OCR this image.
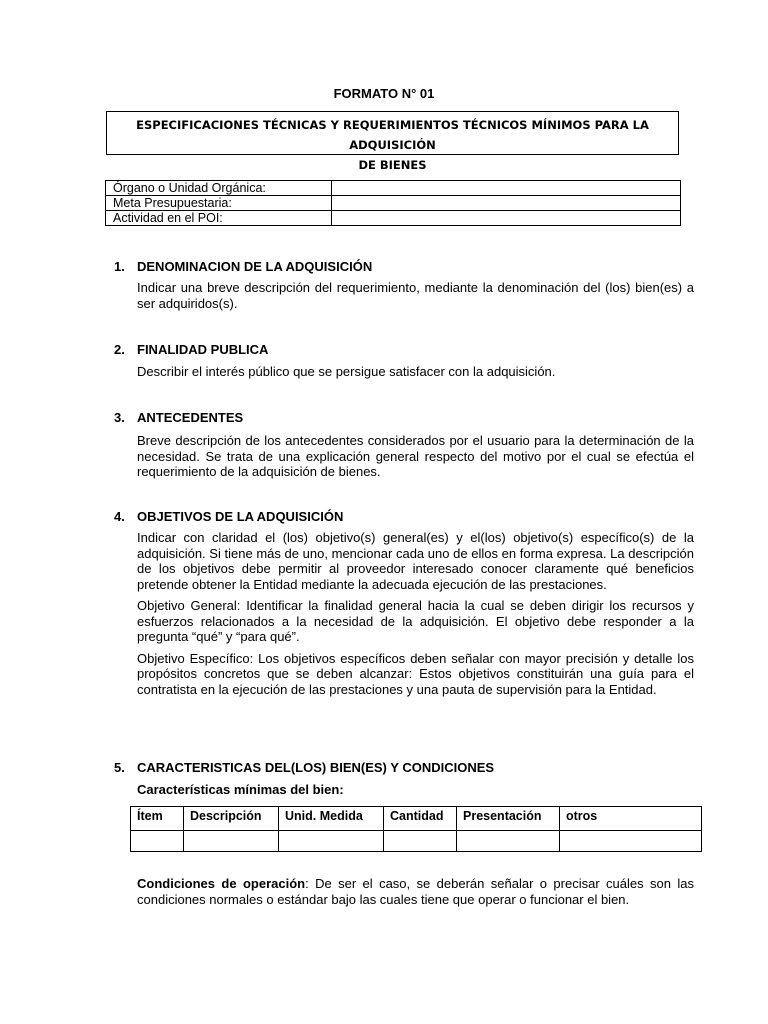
FORMATO N° 01
ESPECIFICACIONES TÉCNICAS Y REQUERIMIENTOS TÉCNICOS MÍNIMOS PARA LA ADQUISICIÓN
DE BIENES
Órgano o Unidad Orgánica:	
Meta Presupuestaria:	
Actividad en el POI:	
1. DENOMINACION DE LA ADQUISICIÓN
Indicar una breve descripción del requerimiento, mediante la denominación del (los) bien(es) a ser adquiridos(s).
2. FINALIDAD PUBLICA
Describir el interés público que se persigue satisfacer con la adquisición.
3. ANTECEDENTES
Breve descripción de los antecedentes considerados por el usuario para la determinación de la necesidad. Se trata de una explicación general respecto del motivo por el cual se efectúa el requerimiento de la adquisición de bienes.
4. OBJETIVOS DE LA ADQUISICIÓN
Indicar con claridad el (los) objetivo(s) general(es) y el(los) objetivo(s) específico(s) de la adquisición. Si tiene más de uno, mencionar cada uno de ellos en forma expresa. La descripción de los objetivos debe permitir al proveedor interesado conocer claramente qué beneficios pretende obtener la Entidad mediante la adecuada ejecución de las prestaciones.
Objetivo General: Identificar la finalidad general hacia la cual se deben dirigir los recursos y esfuerzos relacionados a la necesidad de la adquisición. El objetivo debe responder a la pregunta “qué” y “para qué”.
Objetivo Específico: Los objetivos específicos deben señalar con mayor precisión y detalle los propósitos concretos que se deben alcanzar: Estos objetivos constituirán una guía para el contratista en la ejecución de las prestaciones y una pauta de supervisión para la Entidad.
5. CARACTERISTICAS DEL(LOS) BIEN(ES) Y CONDICIONES
Características mínimas del bien:
Ítem	Descripción	Unid. Medida	Cantidad	Presentación	otros

Condiciones de operación: De ser el caso, se deberán señalar o precisar cuáles son las condiciones normales o estándar bajo las cuales tiene que operar o funcionar el bien.
